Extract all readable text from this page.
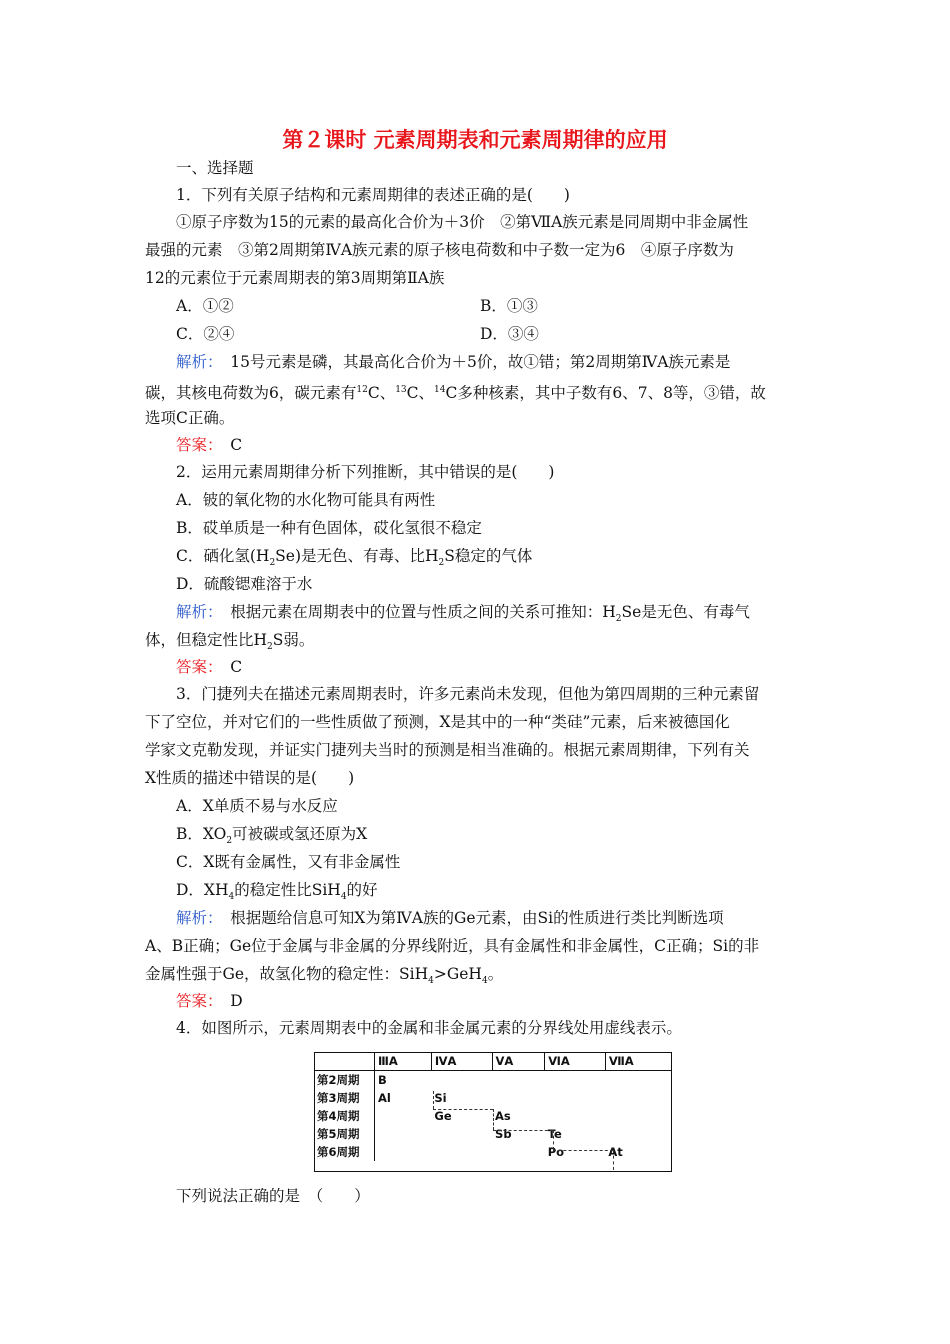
第２课时 元素周期表和元素周期律的应用
一、选择题
1．下列有关原子结构和元素周期律的表述正确的是(　　)
①原子序数为15的元素的最高化合价为＋3价　②第ⅦA族元素是同周期中非金属性
最强的元素　③第2周期第ⅣA族元素的原子核电荷数和中子数一定为6　④原子序数为
12的元素位于元素周期表的第3周期第ⅡA族
A．①②	B．①③
C．②④	D．③④
解析：　15号元素是磷，其最高化合价为＋5价，故①错；第2周期第ⅣA族元素是
碳，其核电荷数为6，碳元素有$^{12}$C、$^{13}$C、$^{14}$C多种核素，其中子数有6、7、8等，③错，故
选项C正确。
答案：　C
2．运用元素周期律分析下列推断，其中错误的是(　　)
A．铍的氧化物的水化物可能具有两性
B．砹单质是一种有色固体，砹化氢很不稳定
C．硒化氢$(H_2Se)$是无色、有毒、比$H_2S$稳定的气体
D．硫酸锶难溶于水
解析：　根据元素在周期表中的位置与性质之间的关系可推知：$H_2Se$是无色、有毒气
体，但稳定性比$H_2S$弱。
答案：　C
3．门捷列夫在描述元素周期表时，许多元素尚未发现，但他为第四周期的三种元素留
下了空位，并对它们的一些性质做了预测，X是其中的一种“类硅”元素，后来被德国化
学家文克勒发现，并证实门捷列夫当时的预测是相当准确的。根据元素周期律，下列有关
X性质的描述中错误的是(　　)
A．X单质不易与水反应
B．$XO_2$可被碳或氢还原为X
C．X既有金属性，又有非金属性
D．$XH_4$的稳定性比SiH$_4$的好
解析：　根据题给信息可知X为第ⅣA族的Ge元素，由Si的性质进行类比判断选项
A、B正确；Ge位于金属与非金属的分界线附近，具有金属性和非金属性，C正确；Si的非
金属性强于Ge，故氢化物的稳定性：SiH$_4$>GeH$_4$。
答案：　D
4．如图所示，元素周期表中的金属和非金属元素的分界线处用虚线表示。
	ⅢA	ⅣA	ⅤA	ⅥA	ⅦA
第2周期	B				
第3周期	Al	Si			
第4周期		Ge	As		
第5周期			Sb	Te	
第6周期				Po	At
下列说法正确的是　（　　）
